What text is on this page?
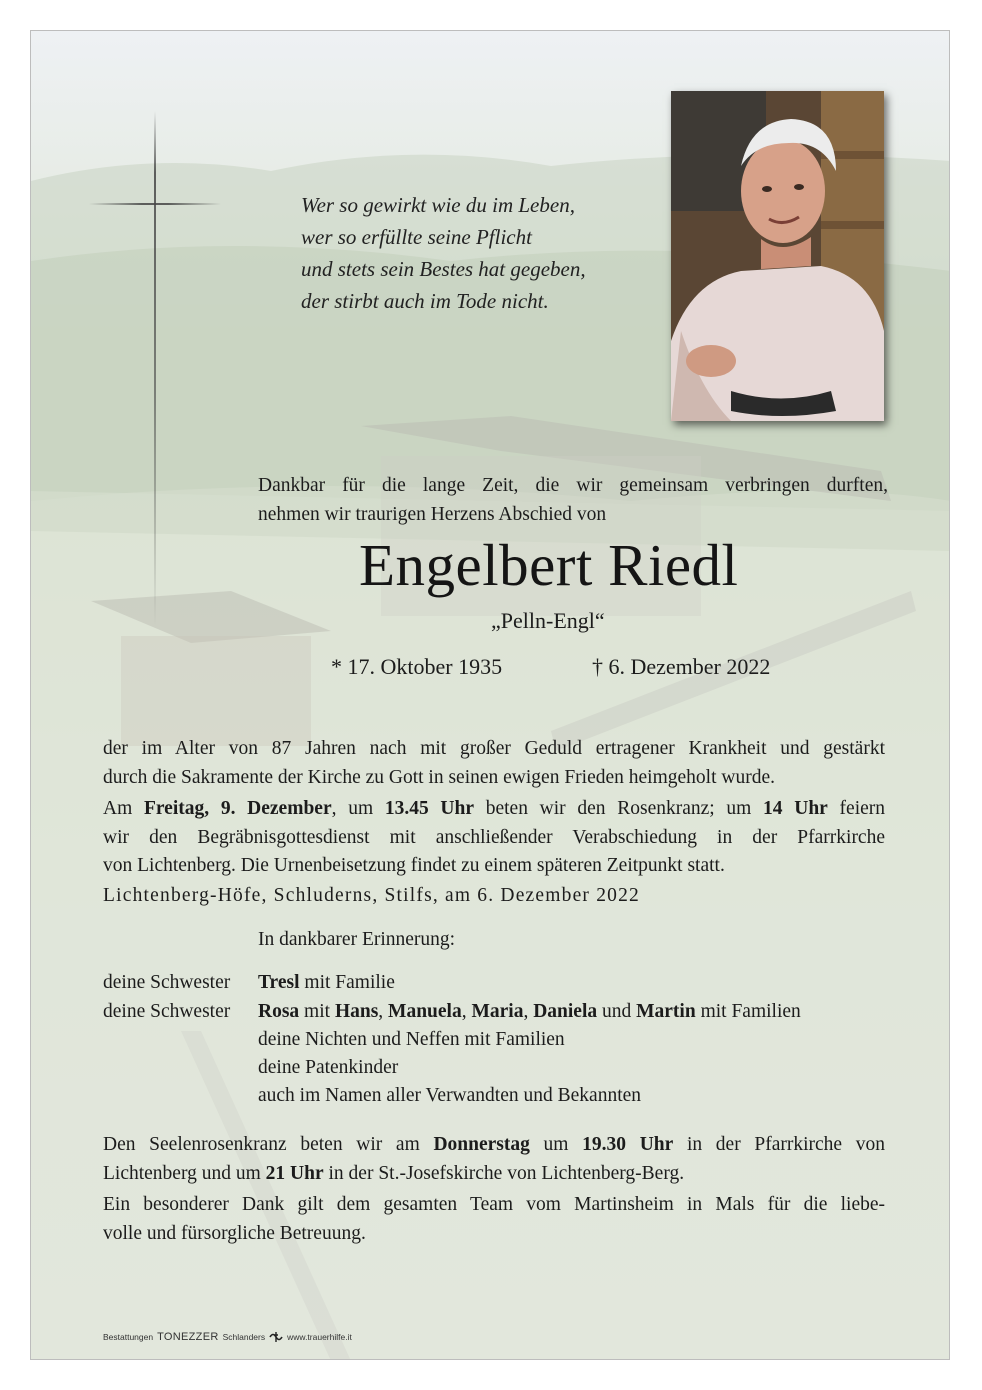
Wer so gewirkt wie du im Leben,
wer so erfüllte seine Pflicht
und stets sein Bestes hat gegeben,
der stirbt auch im Tode nicht.
Dankbar für die lange Zeit, die wir gemeinsam verbringen durften,
nehmen wir traurigen Herzens Abschied von
Engelbert Riedl
„Pelln-Engl“
* 17. Oktober 1935	† 6. Dezember 2022

der im Alter von 87 Jahren nach mit großer Geduld ertragener Krankheit und gestärkt
durch die Sakramente der Kirche zu Gott in seinen ewigen Frieden heimgeholt wurde.

Am Freitag, 9. Dezember, um 13.45 Uhr beten wir den Rosenkranz; um 14 Uhr feiern
wir den Begräbnisgottesdienst mit anschließender Verabschiedung in der Pfarrkirche
von Lichtenberg. Die Urnenbeisetzung findet zu einem späteren Zeitpunkt statt.

Lichtenberg-Höfe, Schluderns, Stilfs, am 6. Dezember 2022
In dankbarer Erinnerung:
deine Schwester Tresl mit Familie
deine Schwester Rosa mit Hans, Manuela, Maria, Daniela und Martin mit Familien
deine Nichten und Neffen mit Familien
deine Patenkinder
auch im Namen aller Verwandten und Bekannten

Den Seelenrosenkranz beten wir am Donnerstag um 19.30 Uhr in der Pfarrkirche von
Lichtenberg und um 21 Uhr in der St.-Josefskirche von Lichtenberg-Berg.

Ein besonderer Dank gilt dem gesamten Team vom Martinsheim in Mals für die liebe-
volle und fürsorgliche Betreuung.

Bestattungen TONEZZER Schlanders	www.trauerhilfe.it
